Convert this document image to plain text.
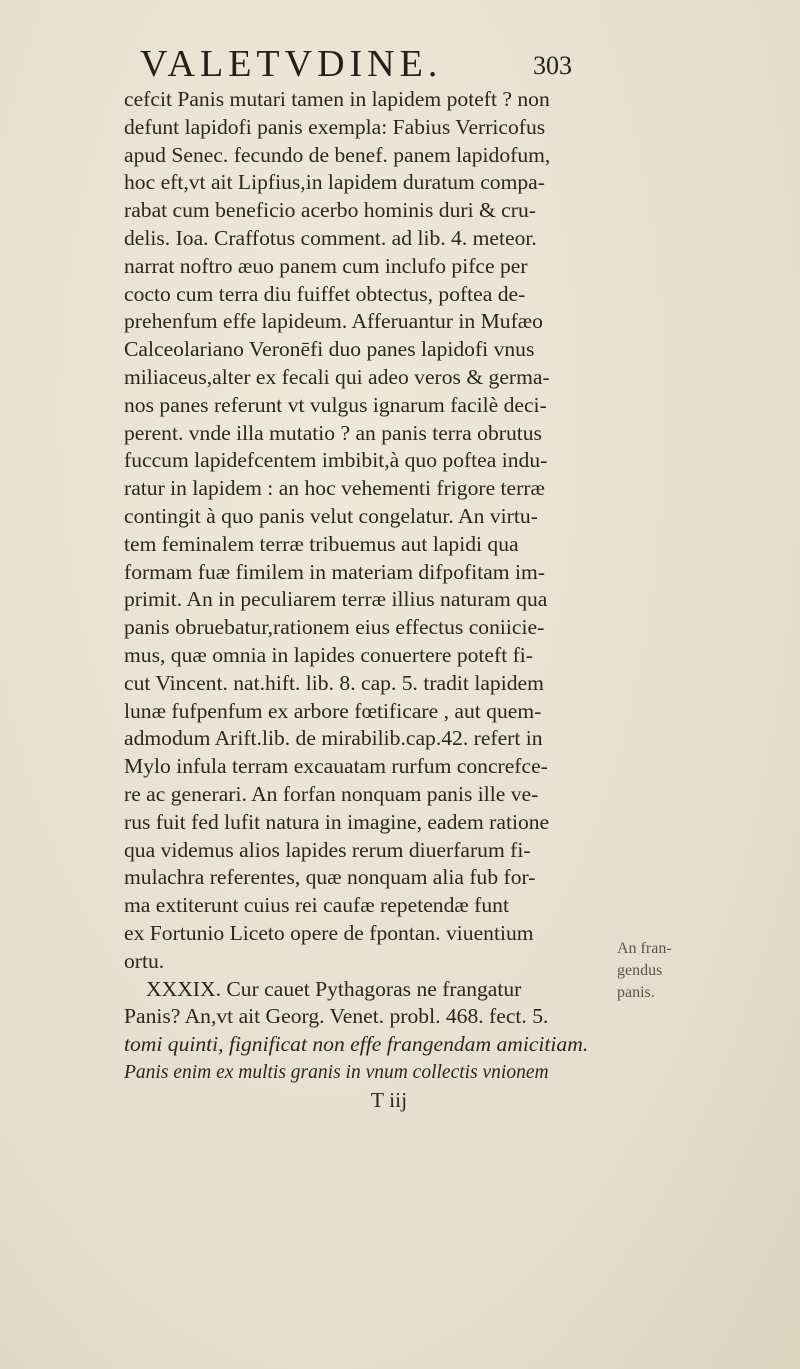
VALETVDINE.	303
cefcit Panis mutari tamen in lapidem poteft ? non
defunt lapidofi panis exempla: Fabius Verricofus
apud Senec. fecundo de benef. panem lapidofum,
hoc eft,vt ait Lipfius,in lapidem duratum compa-
rabat cum beneficio acerbo hominis duri & cru-
delis. Ioa. Craffotus comment. ad lib. 4. meteor.
narrat noftro æuo panem cum inclufo pifce per
cocto cum terra diu fuiffet obtectus, poftea de-
prehenfum effe lapideum. Afferuantur in Mufæo
Calceolariano Veronēfi duo panes lapidofi vnus
miliaceus,alter ex fecali qui adeo veros & germa-
nos panes referunt vt vulgus ignarum facilè deci-
perent. vnde illa mutatio ? an panis terra obrutus
fuccum lapidefcentem imbibit,à quo poftea indu-
ratur in lapidem : an hoc vehementi frigore terræ
contingit à quo panis velut congelatur. An virtu-
tem feminalem terræ tribuemus aut lapidi qua
formam fuæ fimilem in materiam difpofitam im-
primit. An in peculiarem terræ illius naturam qua
panis obruebatur,rationem eius effectus coniicie-
mus, quæ omnia in lapides conuertere poteft fi-
cut Vincent. nat.hift. lib. 8. cap. 5. tradit lapidem
lunæ fufpenfum ex arbore fœtificare , aut quem-
admodum Arift.lib. de mirabilib.cap.42. refert in
Mylo infula terram excauatam rurfum concrefce-
re ac generari. An forfan nonquam panis ille ve-
rus fuit fed lufit natura in imagine, eadem ratione
qua videmus alios lapides rerum diuerfarum fi-
mulachra referentes, quæ nonquam alia fub for-
ma extiterunt cuius rei caufæ repetendæ funt
ex Fortunio Liceto opere de fpontan. viuentium
ortu.
XXXIX. Cur cauet Pythagoras ne frangatur
Panis? An,vt ait Georg. Venet. probl. 468. fect. 5.
tomi quinti, fignificat non effe frangendam amicitiam.
Panis enim ex multis granis in vnum collectis vnionem
T iij
An fran-
gendus
panis.
